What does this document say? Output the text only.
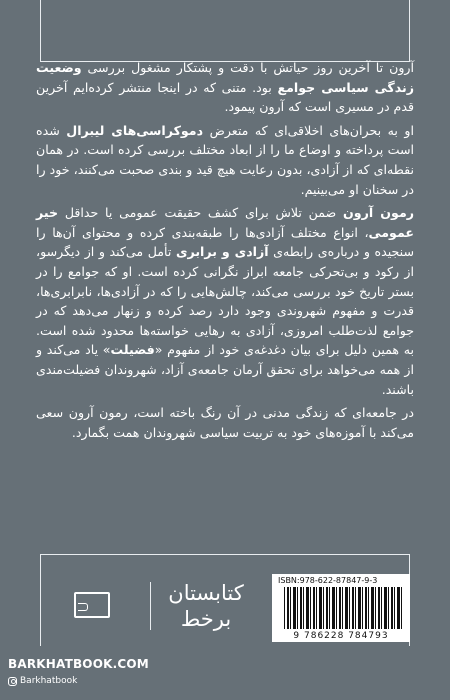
آرون تا آخرین روز حیاتش با دقت و پشتکار مشغول بررسی وضعیت زندگی سیاسی جوامع بود. متنی که در اینجا منتشر کرده‌ایم آخرین قدم در مسیری است که آرون پیمود.

او به بحران‌های اخلاقی‌ای که متعرض دموکراسی‌های لیبرال شده است پرداخته و اوضاع ما را از ابعاد مختلف بررسی کرده است. در همان نقطه‌ای که از آزادی، بدون رعایت هیچ قید و بندی صحبت می‌کنند، خود را در سخنان او می‌بینیم.

رمون آرون ضمن تلاش برای کشف حقیقت عمومی یا حداقل خیر عمومی، انواع مختلف آزادی‌ها را طبقه‌بندی کرده و محتوای آن‌ها را سنجیده و درباره‌ی رابطه‌ی آزادی و برابری تأمل می‌کند و از دیگرسو، از رکود و بی‌تحرکی جامعه ابراز نگرانی کرده است. او که جوامع را در بستر تاریخ خود بررسی می‌کند، چالش‌هایی را که در آزادی‌ها، نابرابری‌ها، قدرت و مفهوم شهروندی وجود دارد رصد کرده و زنهار می‌دهد که در جوامع لذت‌طلب امروزی، آزادی به رهایی خواسته‌ها محدود شده است. به همین دلیل برای بیان دغدغه‌ی خود از مفهوم «فضیلت» یاد می‌کند و از همه می‌خواهد برای تحقق آرمان جامعه‌ی آزاد، شهروندان فضیلت‌مندی باشند.

در جامعه‌ای که زندگی مدنی در آن رنگ باخته است، رمون آرون سعی می‌کند با آموزه‌های خود به تربیت سیاسی شهروندان همت بگمارد.

کتابستان
برخط
ISBN:978-622-87847-9-3
9 786228 784793
BARKHATBOOK.COM
Barkhatbook
